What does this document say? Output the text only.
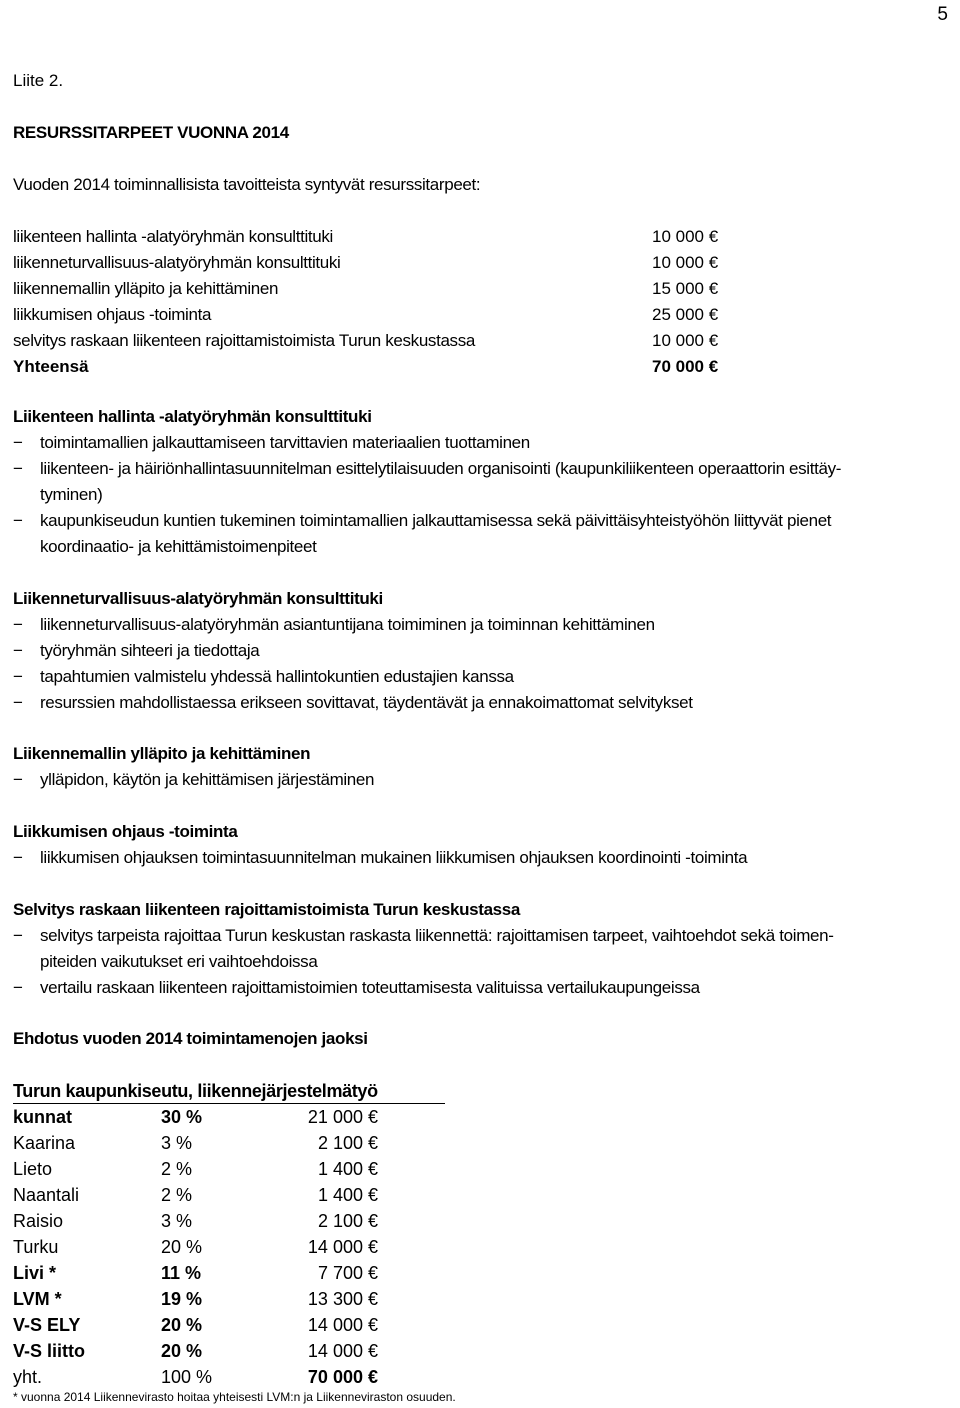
5
Liite 2.
RESURSSITARPEET VUONNA 2014
Vuoden 2014 toiminnallisista tavoitteista syntyvät resurssitarpeet:
liikenteen hallinta -alatyöryhmän konsulttituki	10 000 €
liikenneturvallisuus-alatyöryhmän konsulttituki	10 000 €
liikennemallin ylläpito ja kehittäminen	15 000 €
liikkumisen ohjaus -toiminta	25 000 €
selvitys raskaan liikenteen rajoittamistoimista Turun keskustassa	10 000 €
Yhteensä	70 000 €
Liikenteen hallinta -alatyöryhmän konsulttituki
− toimintamallien jalkauttamiseen tarvittavien materiaalien tuottaminen
− liikenteen- ja häiriönhallintasuunnitelman esittelytilaisuuden organisointi (kaupunkiliikenteen operaattorin esittäy-
tyminen)
− kaupunkiseudun kuntien tukeminen toimintamallien jalkauttamisessa sekä päivittäisyhteistyöhön liittyvät pienet
koordinaatio- ja kehittämistoimenpiteet
Liikenneturvallisuus-alatyöryhmän konsulttituki
− liikenneturvallisuus-alatyöryhmän asiantuntijana toimiminen ja toiminnan kehittäminen
− työryhmän sihteeri ja tiedottaja
− tapahtumien valmistelu yhdessä hallintokuntien edustajien kanssa
− resurssien mahdollistaessa erikseen sovittavat, täydentävät ja ennakoimattomat selvitykset
Liikennemallin ylläpito ja kehittäminen
− ylläpidon, käytön ja kehittämisen järjestäminen
Liikkumisen ohjaus -toiminta
− liikkumisen ohjauksen toimintasuunnitelman mukainen liikkumisen ohjauksen koordinointi -toiminta
Selvitys raskaan liikenteen rajoittamistoimista Turun keskustassa
− selvitys tarpeista rajoittaa Turun keskustan raskasta liikennettä: rajoittamisen tarpeet, vaihtoehdot sekä toimen-
piteiden vaikutukset eri vaihtoehdoissa
− vertailu raskaan liikenteen rajoittamistoimien toteuttamisesta valituissa vertailukaupungeissa
Ehdotus vuoden 2014 toimintamenojen jaoksi
Turun kaupunkiseutu, liikennejärjestelmätyö
kunnat	30 %	21 000 €
Kaarina	3 %	2 100 €
Lieto	2 %	1 400 €
Naantali	2 %	1 400 €
Raisio	3 %	2 100 €
Turku	20 %	14 000 €
Livi *	11 %	7 700 €
LVM *	19 %	13 300 €
V-S ELY	20 %	14 000 €
V-S liitto	20 %	14 000 €
yht.	100 %	70 000 €
* vuonna 2014 Liikennevirasto hoitaa yhteisesti LVM:n ja Liikenneviraston osuuden.
